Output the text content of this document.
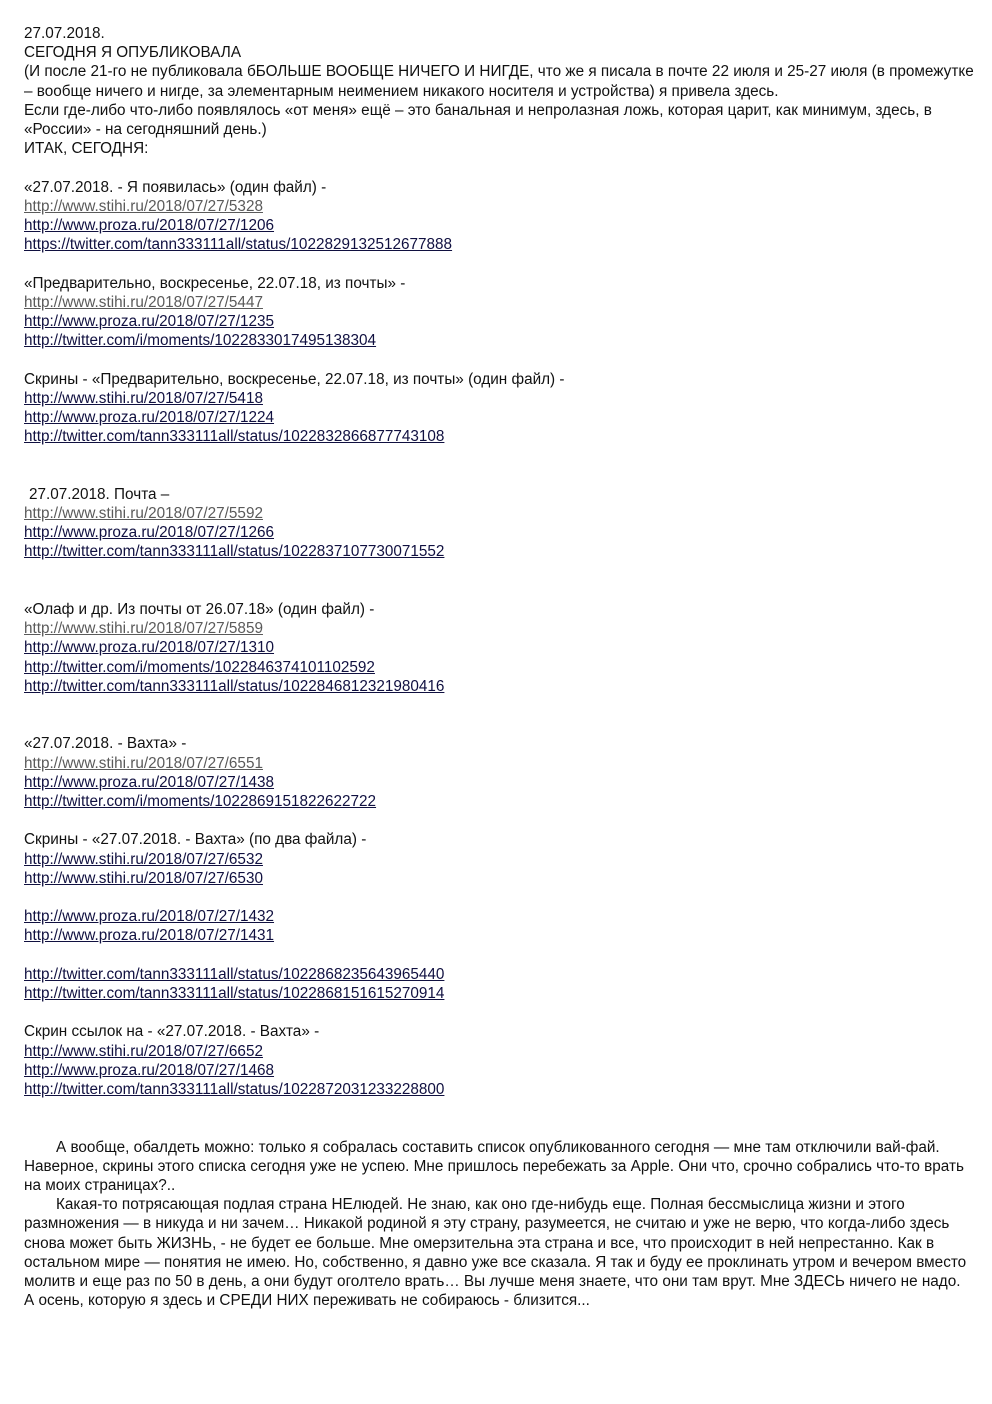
27.07.2018.
СЕГОДНЯ Я ОПУБЛИКОВАЛА
(И после 21-го не публиковала бБОЛЬШЕ ВООБЩЕ НИЧЕГО И НИГДЕ, что же я писала в почте 22 июля и 25-27 июля (в промежутке – вообще ничего и нигде, за элементарным неимением никакого носителя и устройства) я привела здесь.
Если где-либо что-либо появлялось «от меня» ещё – это банальная и непролазная ложь, которая царит, как минимум, здесь, в «России» - на сегодняшний день.)
ИТАК, СЕГОДНЯ:
«27.07.2018. - Я появилась» (один файл) -
http://www.stihi.ru/2018/07/27/5328
http://www.proza.ru/2018/07/27/1206
https://twitter.com/tann333111all/status/1022829132512677888
«Предварительно, воскресенье, 22.07.18, из почты» -
http://www.stihi.ru/2018/07/27/5447
http://www.proza.ru/2018/07/27/1235
http://twitter.com/i/moments/1022833017495138304
Скрины - «Предварительно, воскресенье, 22.07.18, из почты» (один файл) -
http://www.stihi.ru/2018/07/27/5418
http://www.proza.ru/2018/07/27/1224
http://twitter.com/tann333111all/status/1022832866877743108
27.07.2018. Почта –
http://www.stihi.ru/2018/07/27/5592
http://www.proza.ru/2018/07/27/1266
http://twitter.com/tann333111all/status/1022837107730071552
«Олаф и др. Из почты от 26.07.18» (один файл) -
http://www.stihi.ru/2018/07/27/5859
http://www.proza.ru/2018/07/27/1310
http://twitter.com/i/moments/1022846374101102592
http://twitter.com/tann333111all/status/1022846812321980416
«27.07.2018. - Вахта» -
http://www.stihi.ru/2018/07/27/6551
http://www.proza.ru/2018/07/27/1438
http://twitter.com/i/moments/1022869151822622722
Скрины - «27.07.2018. - Вахта» (по два файла) -
http://www.stihi.ru/2018/07/27/6532
http://www.stihi.ru/2018/07/27/6530
http://www.proza.ru/2018/07/27/1432
http://www.proza.ru/2018/07/27/1431
http://twitter.com/tann333111all/status/1022868235643965440
http://twitter.com/tann333111all/status/1022868151615270914
Скрин ссылок на - «27.07.2018. - Вахта» -
http://www.stihi.ru/2018/07/27/6652
http://www.proza.ru/2018/07/27/1468
http://twitter.com/tann333111all/status/1022872031233228800

А вообще, обалдеть можно: только я собралась составить список опубликованного сегодня — мне там отключили вай-фай. Наверное, скрины этого списка сегодня уже не успею. Мне пришлось перебежать за Apple. Они что, срочно собрались что-то врать на моих страницах?..

Какая-то потрясающая подлая страна НЕлюдей. Не знаю, как оно где-нибудь еще. Полная бессмыслица жизни и этого размножения — в никуда и ни зачем… Никакой родиной я эту страну, разумеется, не считаю и уже не верю, что когда-либо здесь снова может быть ЖИЗНЬ, - не будет ее больше. Мне омерзительна эта страна и все, что происходит в ней непрестанно. Как в остальном мире — понятия не имею. Но, собственно, я давно уже все сказала. Я так и буду ее проклинать утром и вечером вместо молитв и еще раз по 50 в день, а они будут оголтело врать… Вы лучше меня знаете, что они там врут. Мне ЗДЕСЬ ничего не надо. А осень, которую я здесь и СРЕДИ НИХ переживать не собираюсь - близится...
